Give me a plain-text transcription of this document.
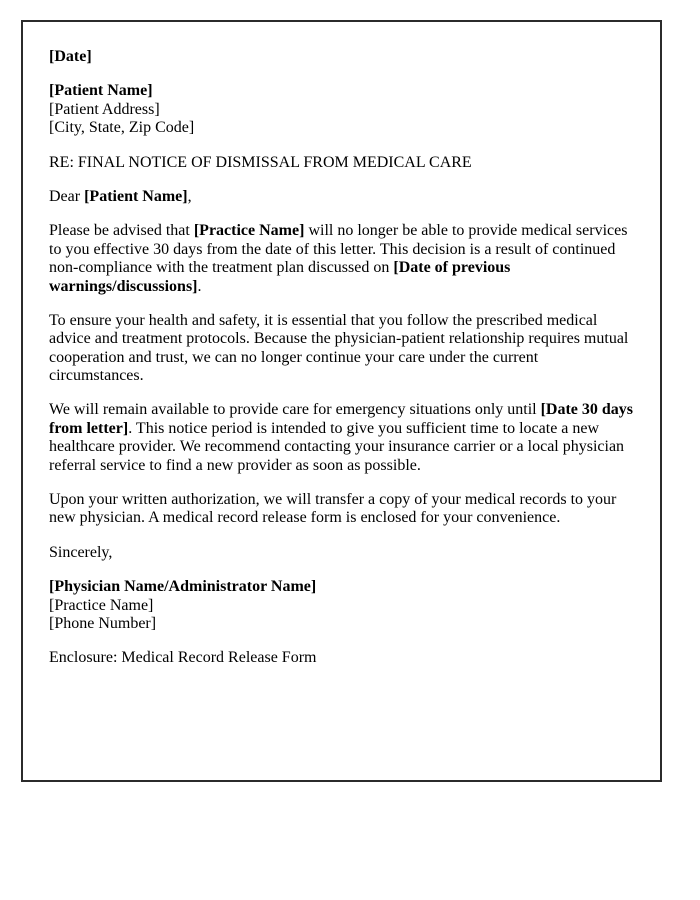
[Date]

[Patient Name]
[Patient Address]
[City, State, Zip Code]

RE: FINAL NOTICE OF DISMISSAL FROM MEDICAL CARE

Dear [Patient Name],

Please be advised that [Practice Name] will no longer be able to provide medical services to you effective 30 days from the date of this letter. This decision is a result of continued non-compliance with the treatment plan discussed on [Date of previous warnings/discussions].

To ensure your health and safety, it is essential that you follow the prescribed medical advice and treatment protocols. Because the physician-patient relationship requires mutual cooperation and trust, we can no longer continue your care under the current circumstances.

We will remain available to provide care for emergency situations only until [Date 30 days from letter]. This notice period is intended to give you sufficient time to locate a new healthcare provider. We recommend contacting your insurance carrier or a local physician referral service to find a new provider as soon as possible.

Upon your written authorization, we will transfer a copy of your medical records to your new physician. A medical record release form is enclosed for your convenience.

Sincerely,

[Physician Name/Administrator Name]
[Practice Name]
[Phone Number]

Enclosure: Medical Record Release Form
